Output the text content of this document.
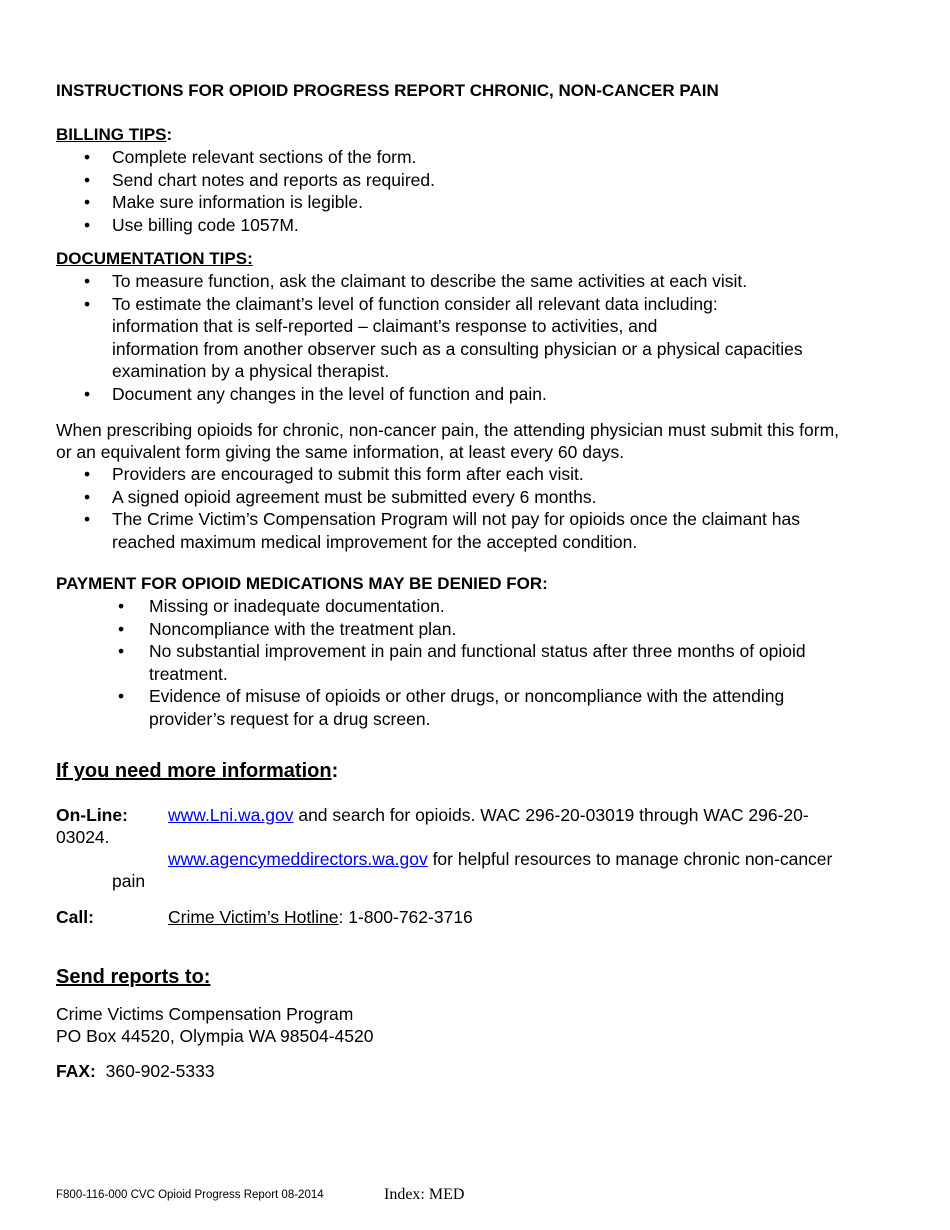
INSTRUCTIONS FOR OPIOID PROGRESS REPORT CHRONIC, NON-CANCER PAIN

BILLING TIPS:

• Complete relevant sections of the form.
• Send chart notes and reports as required.
• Make sure information is legible.
• Use billing code 1057M.

DOCUMENTATION TIPS:

• To measure function, ask the claimant to describe the same activities at each visit.
• To estimate the claimant’s level of function consider all relevant data including:
information that is self-reported – claimant’s response to activities, and
information from another observer such as a consulting physician or a physical capacities
examination by a physical therapist.
• Document any changes in the level of function and pain.

When prescribing opioids for chronic, non-cancer pain, the attending physician must submit this form,
or an equivalent form giving the same information, at least every 60 days.

• Providers are encouraged to submit this form after each visit.
• A signed opioid agreement must be submitted every 6 months.
• The Crime Victim’s Compensation Program will not pay for opioids once the claimant has
reached maximum medical improvement for the accepted condition.

PAYMENT FOR OPIOID MEDICATIONS MAY BE DENIED FOR:

• Missing or inadequate documentation.
• Noncompliance with the treatment plan.
• No substantial improvement in pain and functional status after three months of opioid
treatment.
• Evidence of misuse of opioids or other drugs, or noncompliance with the attending
provider’s request for a drug screen.

If you need more information:

On-Line: www.Lni.wa.gov and search for opioids. WAC 296-20-03019 through WAC 296-20-
03024.
www.agencymeddirectors.wa.gov for helpful resources to manage chronic non-cancer
pain
Call:	Crime Victim’s Hotline: 1-800-762-3716

Send reports to:

Crime Victims Compensation Program
PO Box 44520, Olympia WA 98504-4520

FAX: 360-902-5333

F800-116-000 CVC Opioid Progress Report 08-2014	Index: MED
